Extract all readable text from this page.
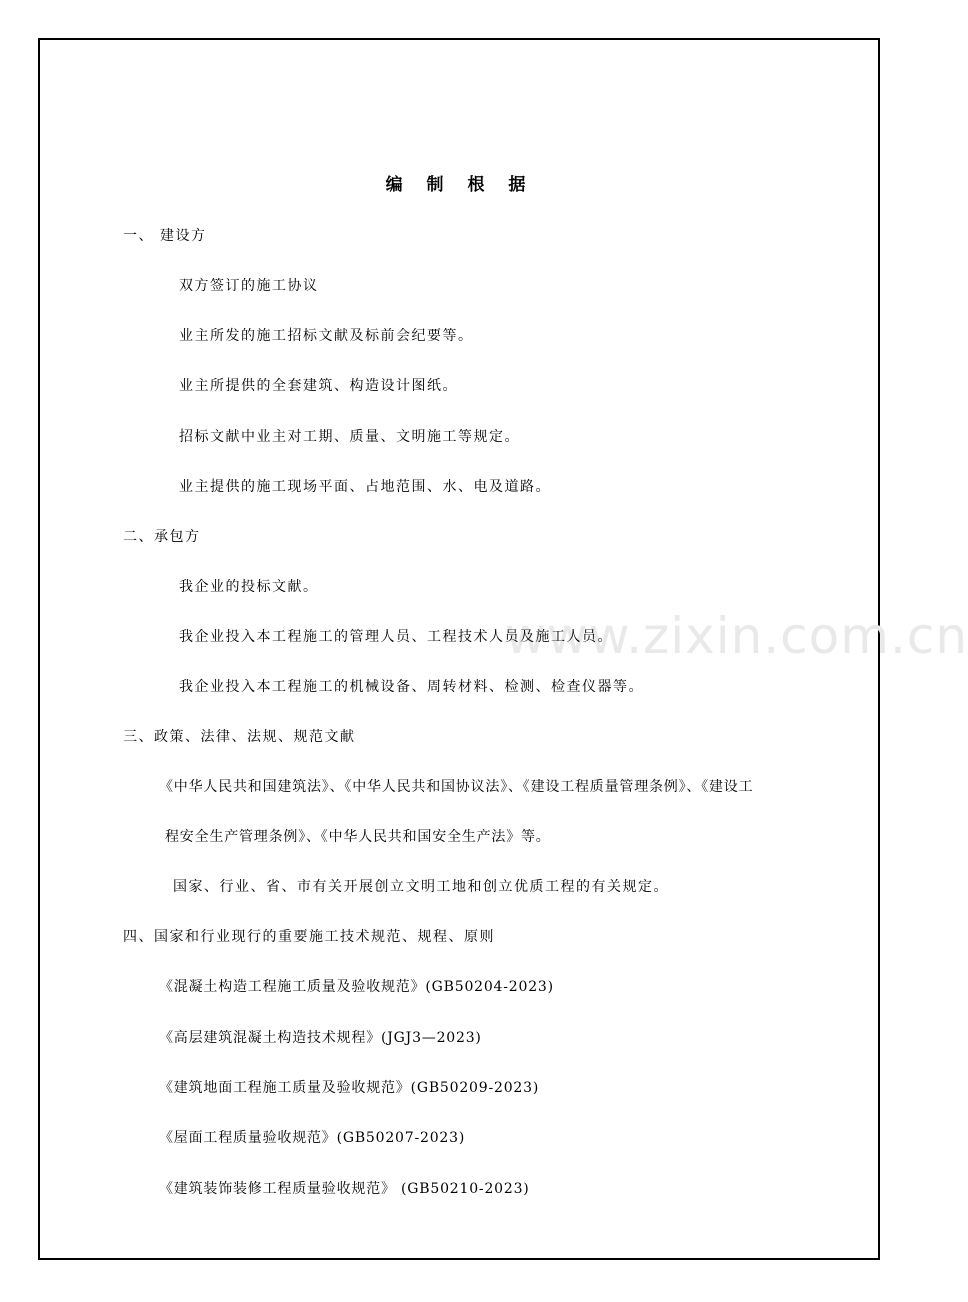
www.zixin.com.cn
编 制 根 据
一、 建设方
双方签订的施工协议
业主所发的施工招标文献及标前会纪要等。
业主所提供的全套建筑、构造设计图纸。
招标文献中业主对工期、质量、文明施工等规定。
业主提供的施工现场平面、占地范围、水、电及道路。
二、承包方
我企业的投标文献。
我企业投入本工程施工的管理人员、工程技术人员及施工人员。
我企业投入本工程施工的机械设备、周转材料、检测、检查仪器等。
三、政策、法律、法规、规范文献
《中华人民共和国建筑法》、《中华人民共和国协议法》、《建设工程质量管理条例》、《建设工
程安全生产管理条例》、《中华人民共和国安全生产法》等。
国家、行业、省、市有关开展创立文明工地和创立优质工程的有关规定。
四、国家和行业现行的重要施工技术规范、规程、原则
《混凝土构造工程施工质量及验收规范》(GB50204-2023)
《高层建筑混凝土构造技术规程》(JGJ3—2023)
《建筑地面工程施工质量及验收规范》(GB50209-2023)
《屋面工程质量验收规范》(GB50207-2023)
《建筑装饰装修工程质量验收规范》 (GB50210-2023)
